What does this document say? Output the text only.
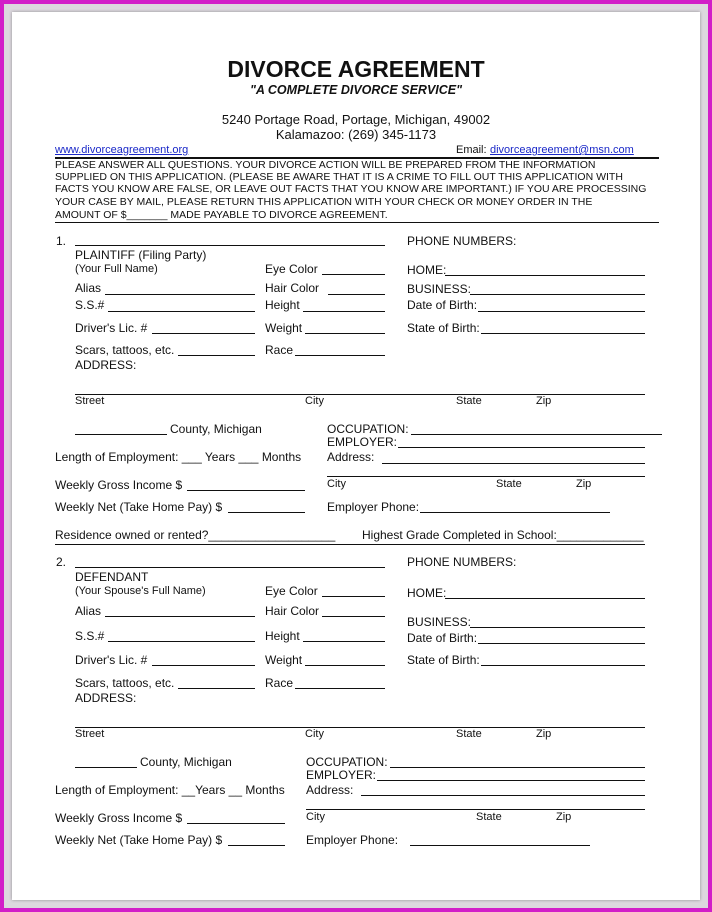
DIVORCE AGREEMENT
"A COMPLETE DIVORCE SERVICE"
5240 Portage Road, Portage, Michigan, 49002
Kalamazoo: (269) 345-1173
www.divorceagreement.org	Email: divorceagreement@msn.com
PLEASE ANSWER ALL QUESTIONS. YOUR DIVORCE ACTION WILL BE PREPARED FROM THE INFORMATION
SUPPLIED ON THIS APPLICATION. (PLEASE BE AWARE THAT IT IS A CRIME TO FILL OUT THIS APPLICATION WITH
FACTS YOU KNOW ARE FALSE, OR LEAVE OUT FACTS THAT YOU KNOW ARE IMPORTANT.) IF YOU ARE PROCESSING
YOUR CASE BY MAIL, PLEASE RETURN THIS APPLICATION WITH YOUR CHECK OR MONEY ORDER IN THE
AMOUNT OF $_______ MADE PAYABLE TO DIVORCE AGREEMENT.
1.	PHONE NUMBERS:
PLAINTIFF (Filing Party)
(Your Full Name)	Eye Color	HOME:
Alias	Hair Color	BUSINESS:
S.S.#	Height	Date of Birth:
Driver's Lic. #	Weight	State of Birth:
Scars, tattoos, etc.	Race
ADDRESS:
Street	City	State	Zip
County, Michigan	OCCUPATION:
EMPLOYER:
Length of Employment: ___ Years ___ Months Address:
City	State	Zip
Weekly Gross Income $
Weekly Net (Take Home Pay) $	Employer Phone:
Residence owned or rented?___________________ Highest Grade Completed in School:_____________
2.	PHONE NUMBERS:
DEFENDANT
(Your Spouse's Full Name)	Eye Color	HOME:
Alias	Hair Color
BUSINESS:
S.S.#	Height	Date of Birth:
Driver's Lic. #	Weight	State of Birth:
Scars, tattoos, etc.	Race
ADDRESS:
Street	City	State	Zip
County, Michigan	OCCUPATION:
EMPLOYER:
Length of Employment: __Years __ Months Address:
City	State	Zip
Weekly Gross Income $
Weekly Net (Take Home Pay) $	Employer Phone:
